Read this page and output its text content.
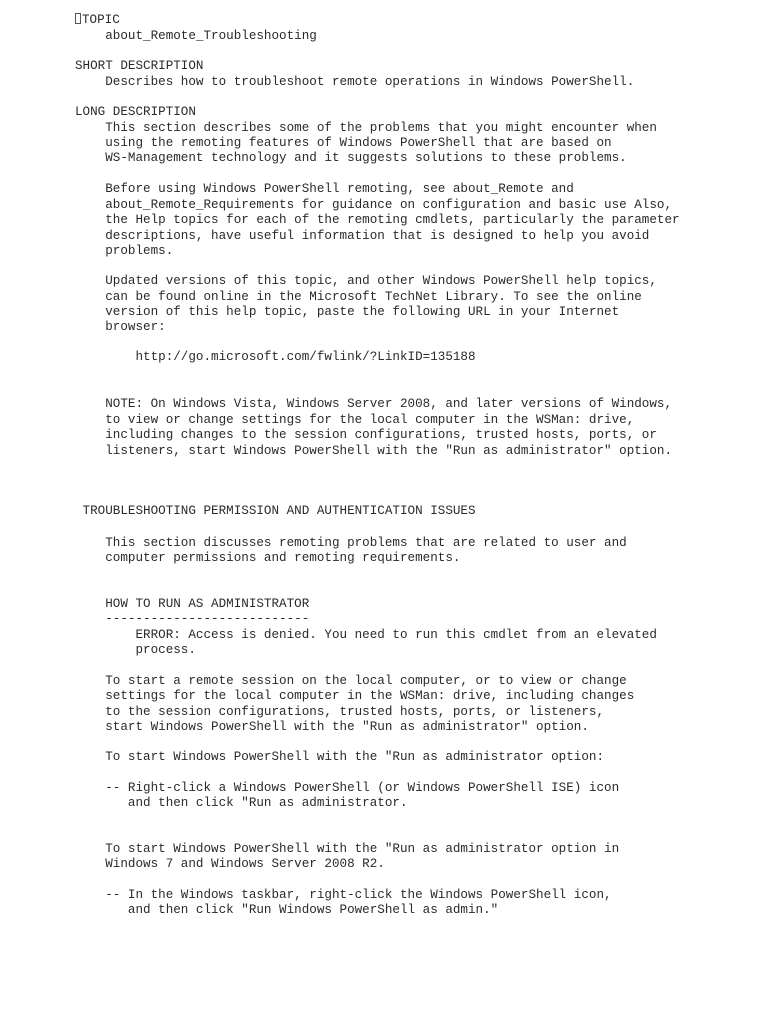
TOPIC
about_Remote_Troubleshooting
SHORT DESCRIPTION
Describes how to troubleshoot remote operations in Windows PowerShell.
LONG DESCRIPTION
This section describes some of the problems that you might encounter when
using the remoting features of Windows PowerShell that are based on
WS-Management technology and it suggests solutions to these problems.
Before using Windows PowerShell remoting, see about_Remote and
about_Remote_Requirements for guidance on configuration and basic use Also,
the Help topics for each of the remoting cmdlets, particularly the parameter
descriptions, have useful information that is designed to help you avoid
problems.
Updated versions of this topic, and other Windows PowerShell help topics,
can be found online in the Microsoft TechNet Library. To see the online
version of this help topic, paste the following URL in your Internet
browser:
http://go.microsoft.com/fwlink/?LinkID=135188
NOTE: On Windows Vista, Windows Server 2008, and later versions of Windows,
to view or change settings for the local computer in the WSMan: drive,
including changes to the session configurations, trusted hosts, ports, or
listeners, start Windows PowerShell with the "Run as administrator" option.
TROUBLESHOOTING PERMISSION AND AUTHENTICATION ISSUES
This section discusses remoting problems that are related to user and
computer permissions and remoting requirements.
HOW TO RUN AS ADMINISTRATOR
---------------------------
ERROR: Access is denied. You need to run this cmdlet from an elevated
process.
To start a remote session on the local computer, or to view or change
settings for the local computer in the WSMan: drive, including changes
to the session configurations, trusted hosts, ports, or listeners,
start Windows PowerShell with the "Run as administrator" option.
To start Windows PowerShell with the "Run as administrator option:
-- Right-click a Windows PowerShell (or Windows PowerShell ISE) icon
and then click "Run as administrator.
To start Windows PowerShell with the "Run as administrator option in
Windows 7 and Windows Server 2008 R2.
-- In the Windows taskbar, right-click the Windows PowerShell icon,
and then click "Run Windows PowerShell as admin."
